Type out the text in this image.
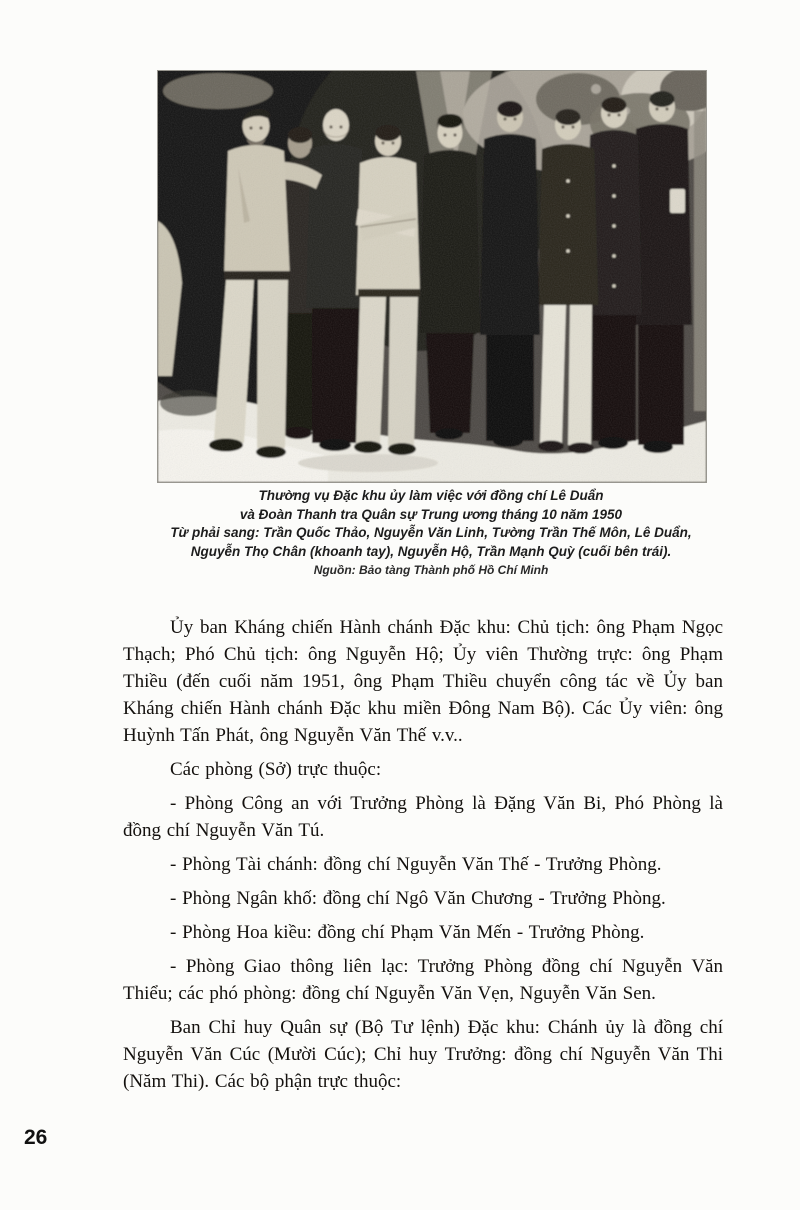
Thường vụ Đặc khu ủy làm việc với đồng chí Lê Duẩn
và Đoàn Thanh tra Quân sự Trung ương tháng 10 năm 1950
Từ phải sang: Trần Quốc Thảo, Nguyễn Văn Linh, Tường Trần Thế Môn, Lê Duẩn,
Nguyễn Thọ Chân (khoanh tay), Nguyễn Hộ, Trần Mạnh Quỳ (cuối bên trái).
Nguồn: Bảo tàng Thành phố Hồ Chí Minh

Ủy ban Kháng chiến Hành chánh Đặc khu: Chủ tịch: ông Phạm Ngọc Thạch; Phó Chủ tịch: ông Nguyễn Hộ; Ủy viên Thường trực: ông Phạm Thiều (đến cuối năm 1951, ông Phạm Thiều chuyển công tác về Ủy ban Kháng chiến Hành chánh Đặc khu miền Đông Nam Bộ). Các Ủy viên: ông Huỳnh Tấn Phát, ông Nguyễn Văn Thế v.v..

Các phòng (Sở) trực thuộc:

- Phòng Công an với Trưởng Phòng là Đặng Văn Bi, Phó Phòng là đồng chí Nguyễn Văn Tú.

- Phòng Tài chánh: đồng chí Nguyễn Văn Thế - Trưởng Phòng.

- Phòng Ngân khố: đồng chí Ngô Văn Chương - Trưởng Phòng.

- Phòng Hoa kiều: đồng chí Phạm Văn Mến - Trưởng Phòng.

- Phòng Giao thông liên lạc: Trưởng Phòng đồng chí Nguyễn Văn Thiểu; các phó phòng: đồng chí Nguyễn Văn Vẹn, Nguyễn Văn Sen.

Ban Chỉ huy Quân sự (Bộ Tư lệnh) Đặc khu: Chánh ủy là đồng chí Nguyễn Văn Cúc (Mười Cúc); Chỉ huy Trưởng: đồng chí Nguyễn Văn Thi (Năm Thi). Các bộ phận trực thuộc:

26
